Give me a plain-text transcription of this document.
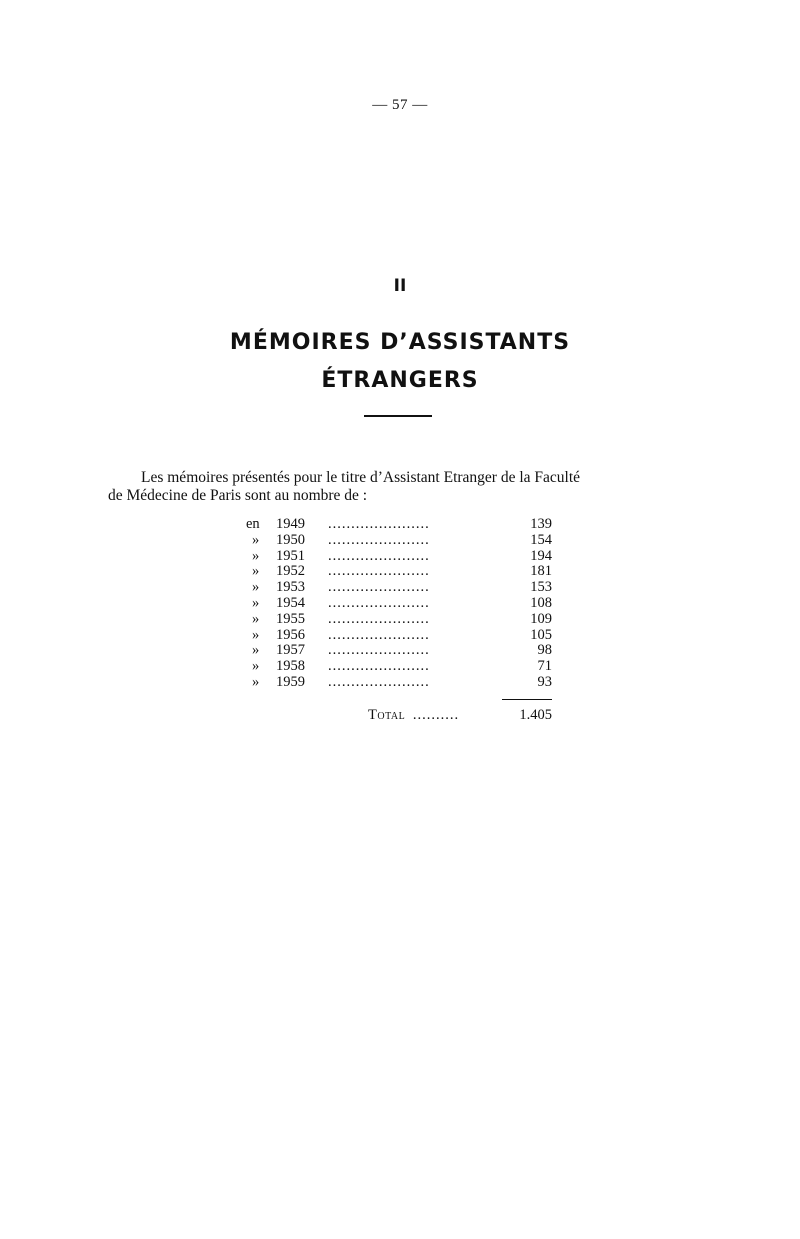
— 57 —
II
MÉMOIRES D’ASSISTANTS
ÉTRANGERS
Les mémoires présentés pour le titre d’Assistant Etranger de la Faculté
de Médecine de Paris sont au nombre de :
en	1949 ......................	139
»	1950 ......................	154
»	1951 ......................	194
»	1952 ......................	181
»	1953 ......................	153
»	1954 ......................	108
»	1955 ......................	109
»	1956 ......................	105
»	1957 ......................	98
»	1958 ......................	71
»	1959 ......................	93
Total ..........	1.405
